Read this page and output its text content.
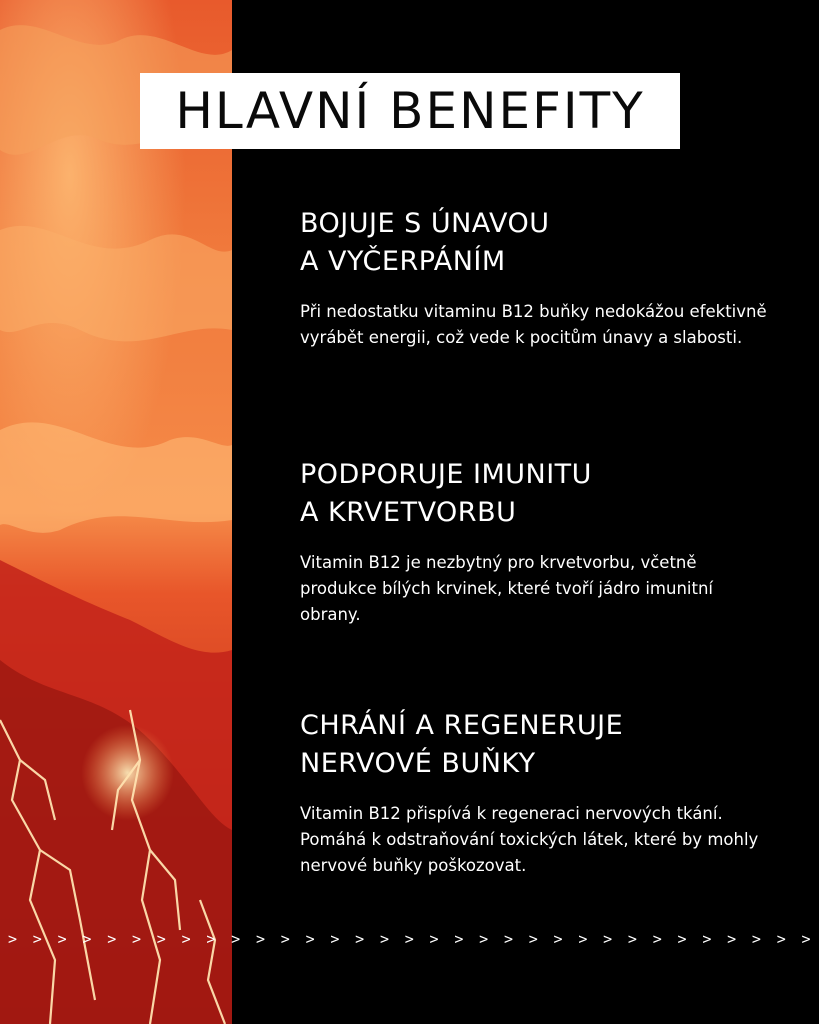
HLAVNÍ BENEFITY
BOJUJE S ÚNAVOU
A VYČERPÁNÍM
Při nedostatku vitaminu B12 buňky nedokážou efektivně vyrábět energii, což vede k pocitům únavy a slabosti.
PODPORUJE IMUNITU
A KRVETVORBU
Vitamin B12 je nezbytný pro krvetvorbu, včetně produkce bílých krvinek, které tvoří jádro imunitní obrany.
CHRÁNÍ A REGENERUJE
NERVOVÉ BUŇKY
Vitamin B12 přispívá k regeneraci nervových tkání. Pomáhá k odstraňování toxických látek, které by mohly nervové buňky poškozovat.
> > > > > > > > > > > > > > > > > > > > > > > > > > > > > > > > >
